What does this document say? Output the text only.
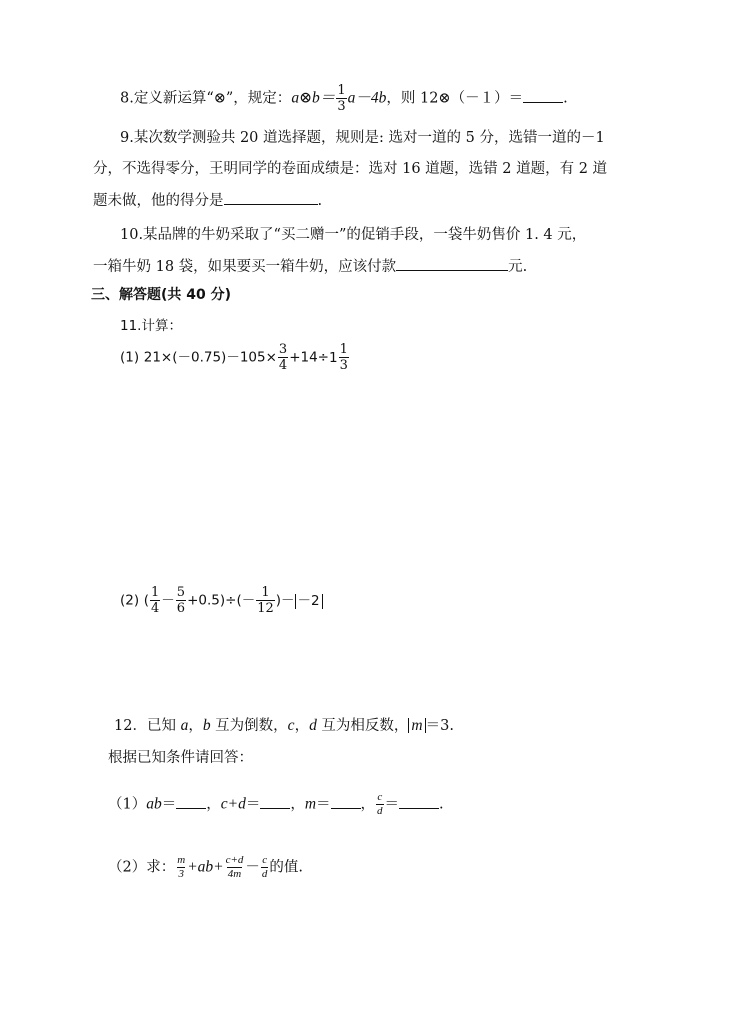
8.定义新运算“⊗”，规定：a⊗b＝ $\frac{1}{3} a-4b$，则 12⊗（－１）＝	.
9.某次数学测验共 20 道选择题，规则是: 选对一道的 5 分，选错一道的－1
分，不选得零分，王明同学的卷面成绩是：选对 16 道题，选错 2 道题，有 2 道
题未做，他的得分是	.
10.某品牌的牛奶采取了“买二赠一”的促销手段，一袋牛奶售价 1. 4 元，
一箱牛奶 18 袋，如果要买一箱牛奶，应该付款	元.
三、解答题(共 40 分)
11.计算：
(1) $21\times(-0.75)-105\times \frac{3}{4} +14\div 1 \frac{1}{3}$
(2) ( $\frac{1}{4} - \frac{5}{6} +0.5)\div(- \frac{1}{12}$ )－ －2
12．已知 a，b 互为倒数，c，d 互为相反数， m ＝3.
根据已知条件请回答：
（1）ab＝ ，c+d＝ ，m＝ ， $\frac{c}{d}$ ＝	.
（2）求： $\frac{m}{3} +ab+ \frac{c+d}{4m} - \frac{c}{d}$ 的值.
